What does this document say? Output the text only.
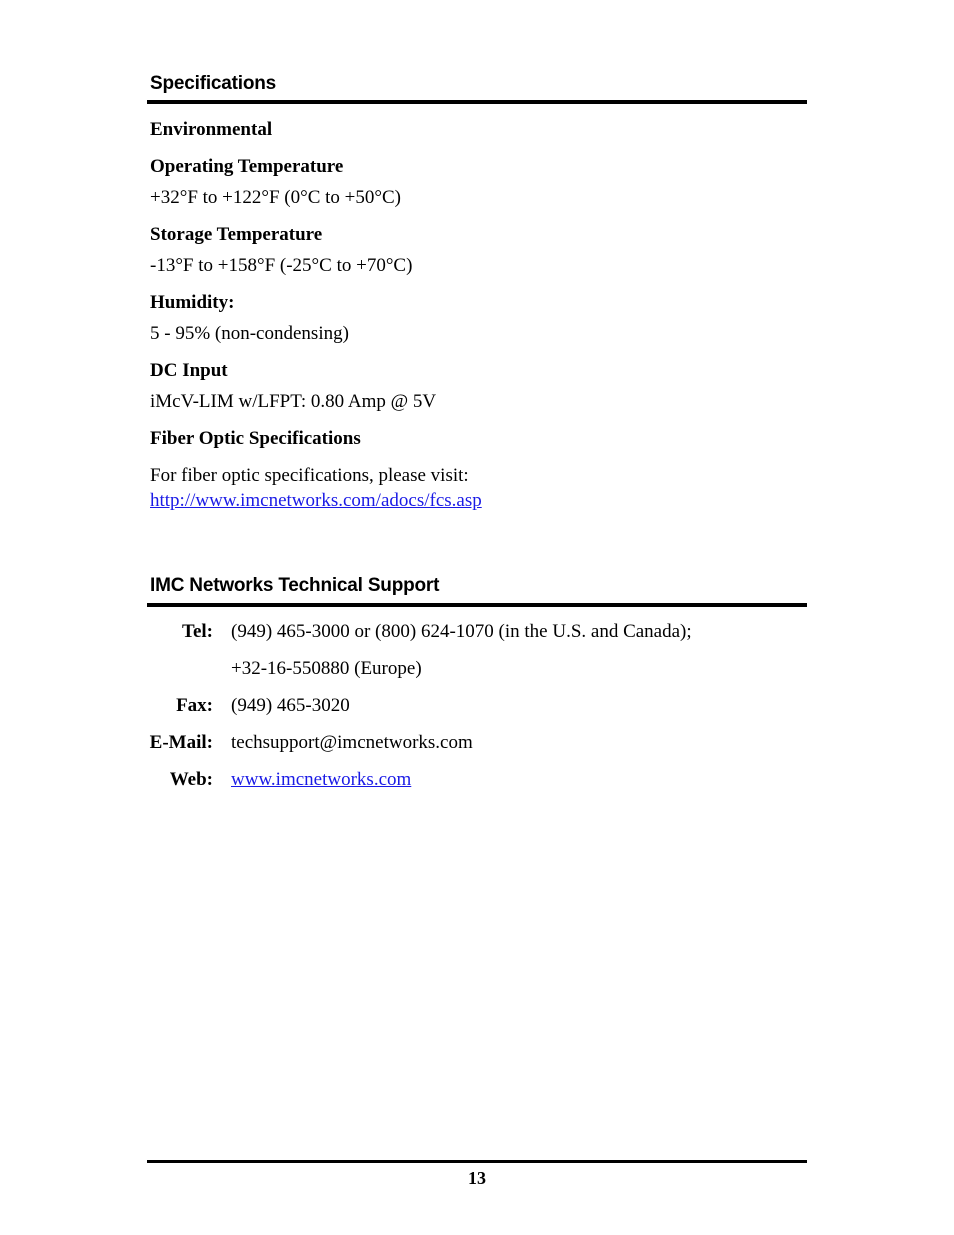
Specifications
Environmental
Operating Temperature
+32°F to +122°F (0°C to +50°C)
Storage Temperature
-13°F to +158°F (-25°C to +70°C)
Humidity:
5 - 95% (non-condensing)
DC Input
iMcV-LIM w/LFPT: 0.80 Amp @ 5V
Fiber Optic Specifications
For fiber optic specifications, please visit:
http://www.imcnetworks.com/adocs/fcs.asp
IMC Networks Technical Support
Tel: (949) 465-3000 or (800) 624-1070 (in the U.S. and Canada);
+32-16-550880 (Europe)
Fax: (949) 465-3020
E-Mail: techsupport@imcnetworks.com
Web: www.imcnetworks.com
13
